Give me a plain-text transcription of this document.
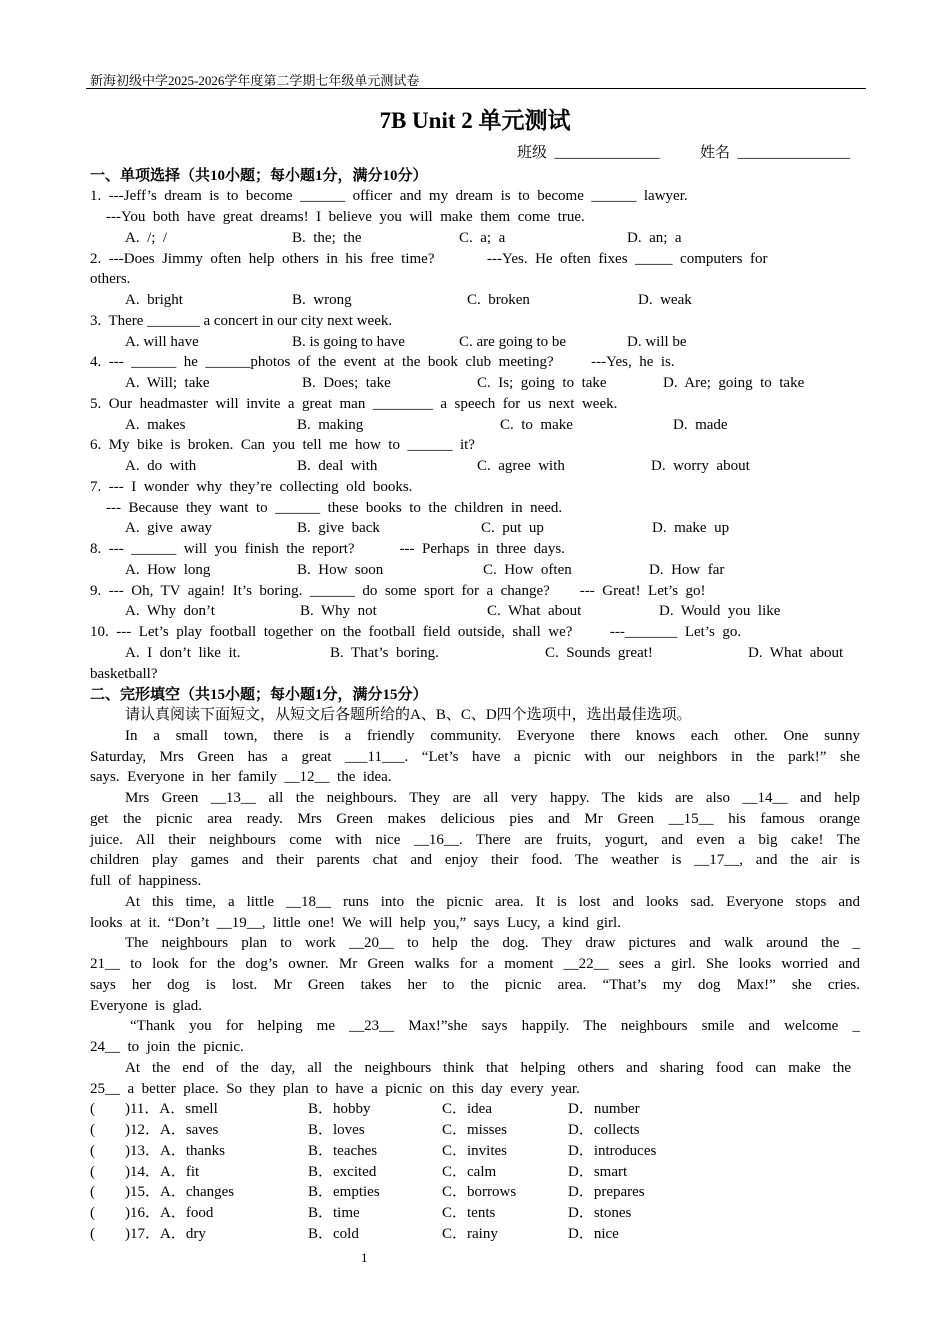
新海初级中学2025-2026学年度第二学期七年级单元测试卷
7B Unit 2 单元测试
班级  ______________	姓名  _______________
一、单项选择（共10小题；每小题1分，满分10分）
1.  ---Jeff’s  dream  is  to  become  ______  officer  and  my  dream  is  to  become  ______  lawyer.
---You  both  have  great  dreams!  I  believe  you  will  make  them  come  true.
A.  /;  /	B.  the;  the	C.  a;  a	D.  an;  a
2.  ---Does  Jimmy  often  help  others  in  his  free  time?              ---Yes.  He  often  fixes  _____  computers  for
others.
A.  bright	B.  wrong	C.  broken	D.  weak
3.  There _______ a concert in our city next week.
A. will have	B. is going to have	C. are going to be	D. will be
4.  ---  ______  he  ______photos  of  the  event  at  the  book  club  meeting?          ---Yes,  he  is.
A.  Will;  take	B.  Does;  take	C.  Is;  going  to  take	D.  Are;  going  to  take
5.  Our  headmaster  will  invite  a  great  man  ________  a  speech  for  us  next  week.
A.  makes	B.  making	C.  to  make	D.  made
6.  My  bike  is  broken.  Can  you  tell  me  how  to  ______  it?
A.  do  with	B.  deal  with	C.  agree  with	D.  worry  about
7.  ---  I  wonder  why  they’re  collecting  old  books.
---  Because  they  want  to  ______  these  books  to  the  children  in  need.
A.  give  away	B.  give  back	C.  put  up	D.  make  up
8.  ---  ______  will  you  finish  the  report?            ---  Perhaps  in  three  days.
A.  How  long	B.  How  soon	C.  How  often	D.  How  far
9.  ---  Oh,  TV  again!  It’s  boring.  ______  do  some  sport  for  a  change?        ---  Great!  Let’s  go!
A.  Why  don’t	B.  Why  not	C.  What  about	D.  Would  you  like
10.  ---  Let’s  play  football  together  on  the  football  field  outside,  shall  we?          ---_______  Let’s  go.
A.  I  don’t  like  it.	B.  That’s  boring.	C.  Sounds  great!	D.  What  about
basketball?
二、完形填空（共15小题；每小题1分，满分15分）
请认真阅读下面短文，从短文后各题所给的A、B、C、D四个选项中，选出最佳选项。
In a small town, there is a friendly community. Everyone there knows each other. One sunny
Saturday, Mrs Green has a great ___11___. “Let’s have a picnic with our neighbors in the park!” she
says.  Everyone  in  her  family  __12__  the  idea.
Mrs Green __13__ all the neighbours. They are all very happy. The kids are also __14__ and help
get the picnic area ready. Mrs Green makes delicious pies and Mr Green __15__ his famous orange
juice. All their neighbours come with nice __16__. There are fruits, yogurt, and even a big cake! The
children play games and their parents chat and enjoy their food. The weather is __17__, and the air is
full  of  happiness.
At this time, a little __18__ runs into the picnic area. It is lost and looks sad. Everyone stops and
looks  at  it.  “Don’t  __19__,  little  one!  We  will  help  you,”  says  Lucy,  a  kind  girl.
The neighbours plan to work __20__ to help the dog. They draw pictures and walk around the _
21__ to look for the dog’s owner. Mr Green walks for a moment __22__ sees a girl. She looks worried and
says her dog is lost. Mr Green takes her to the picnic area. “That’s my dog Max!” she cries.
Everyone  is  glad.
“Thank you for helping me __23__ Max!”she says happily. The neighbours smile and welcome _
24__  to  join  the  picnic.
At the end of the day, all the neighbours think that helping others and sharing food can make the
25__  a  better  place.  So  they  plan  to  have  a  picnic  on  this  day  every  year.
(        )11．A．smell	B．hobby	C．idea	D．number
(        )12．A．saves	B．loves	C．misses	D．collects
(        )13．A．thanks	B．teaches	C．invites	D．introduces
(        )14．A．fit	B．excited	C．calm	D．smart
(        )15．A．changes	B．empties	C．borrows	D．prepares
(        )16．A．food	B．time	C．tents	D．stones
(        )17．A．dry	B．cold	C．rainy	D．nice
1
